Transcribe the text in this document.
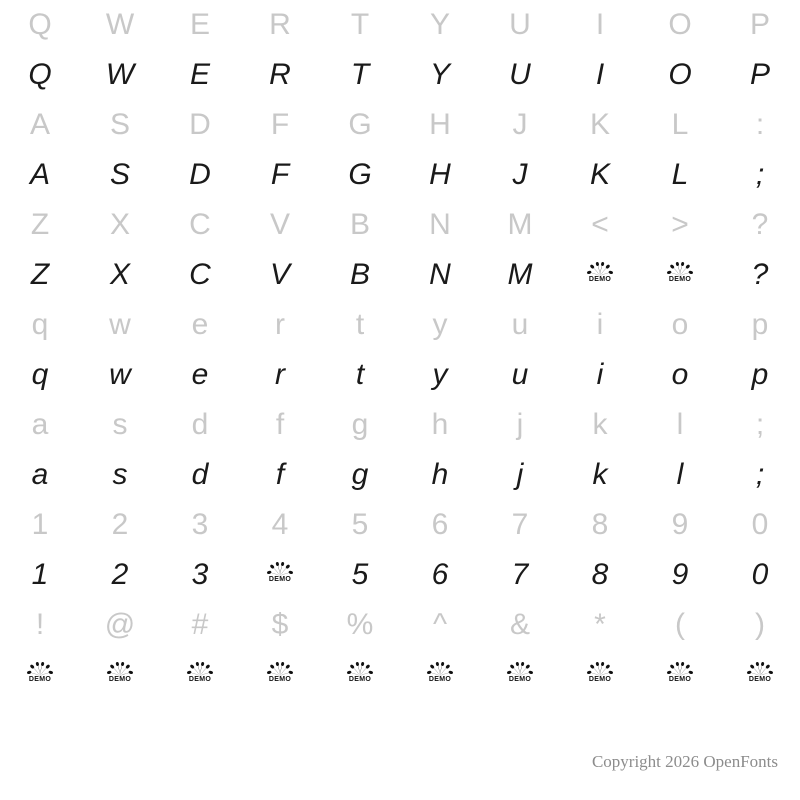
Q	W	E	R	T	Y	U	I	O	P
Q	W	E	R	T	Y	U	I	O	P
A	S	D	F	G	H	J	K	L	:
A	S	D	F	G	H	J	K	L	;
Z	X	C	V	B	N	M	<	>	?
Z	X	C	V	B	N	M	DEMO	DEMO	?
q	w	e	r	t	y	u	i	o	p
q	w	e	r	t	y	u	i	o	p
a	s	d	f	g	h	j	k	l	;
a	s	d	f	g	h	j	k	l	;
1	2	3	4	5	6	7	8	9	0
1	2	3	DEMO	5	6	7	8	9	0
!	@	#	$	%	^	&	*	(	)
DEMO	DEMO	DEMO	DEMO	DEMO	DEMO	DEMO	DEMO	DEMO	DEMO
Copyright 2026 OpenFonts
